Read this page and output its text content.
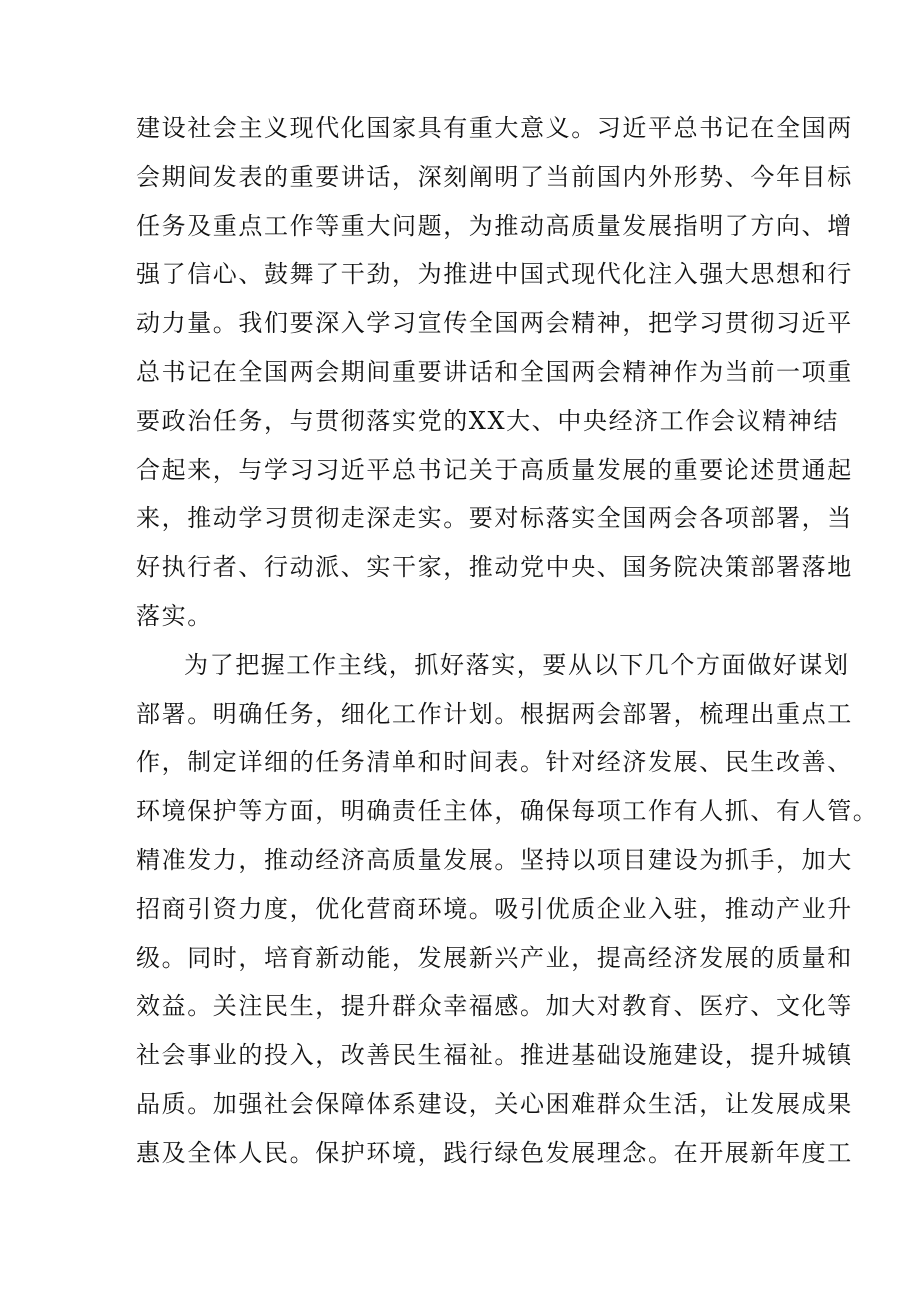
建设社会主义现代化国家具有重大意义。习近平总书记在全国两
会期间发表的重要讲话，深刻阐明了当前国内外形势、今年目标
任务及重点工作等重大问题，为推动高质量发展指明了方向、增
强了信心、鼓舞了干劲，为推进中国式现代化注入强大思想和行
动力量。我们要深入学习宣传全国两会精神，把学习贯彻习近平
总书记在全国两会期间重要讲话和全国两会精神作为当前一项重
要政治任务，与贯彻落实党的XX大、中央经济工作会议精神结
合起来，与学习习近平总书记关于高质量发展的重要论述贯通起
来，推动学习贯彻走深走实。要对标落实全国两会各项部署，当
好执行者、行动派、实干家，推动党中央、国务院决策部署落地
落实。
为了把握工作主线，抓好落实，要从以下几个方面做好谋划
部署。明确任务，细化工作计划。根据两会部署，梳理出重点工
作，制定详细的任务清单和时间表。针对经济发展、民生改善、
环境保护等方面，明确责任主体，确保每项工作有人抓、有人管。
精准发力，推动经济高质量发展。坚持以项目建设为抓手，加大
招商引资力度，优化营商环境。吸引优质企业入驻，推动产业升
级。同时，培育新动能，发展新兴产业，提高经济发展的质量和
效益。关注民生，提升群众幸福感。加大对教育、医疗、文化等
社会事业的投入，改善民生福祉。推进基础设施建设，提升城镇
品质。加强社会保障体系建设，关心困难群众生活，让发展成果
惠及全体人民。保护环境，践行绿色发展理念。在开展新年度工
